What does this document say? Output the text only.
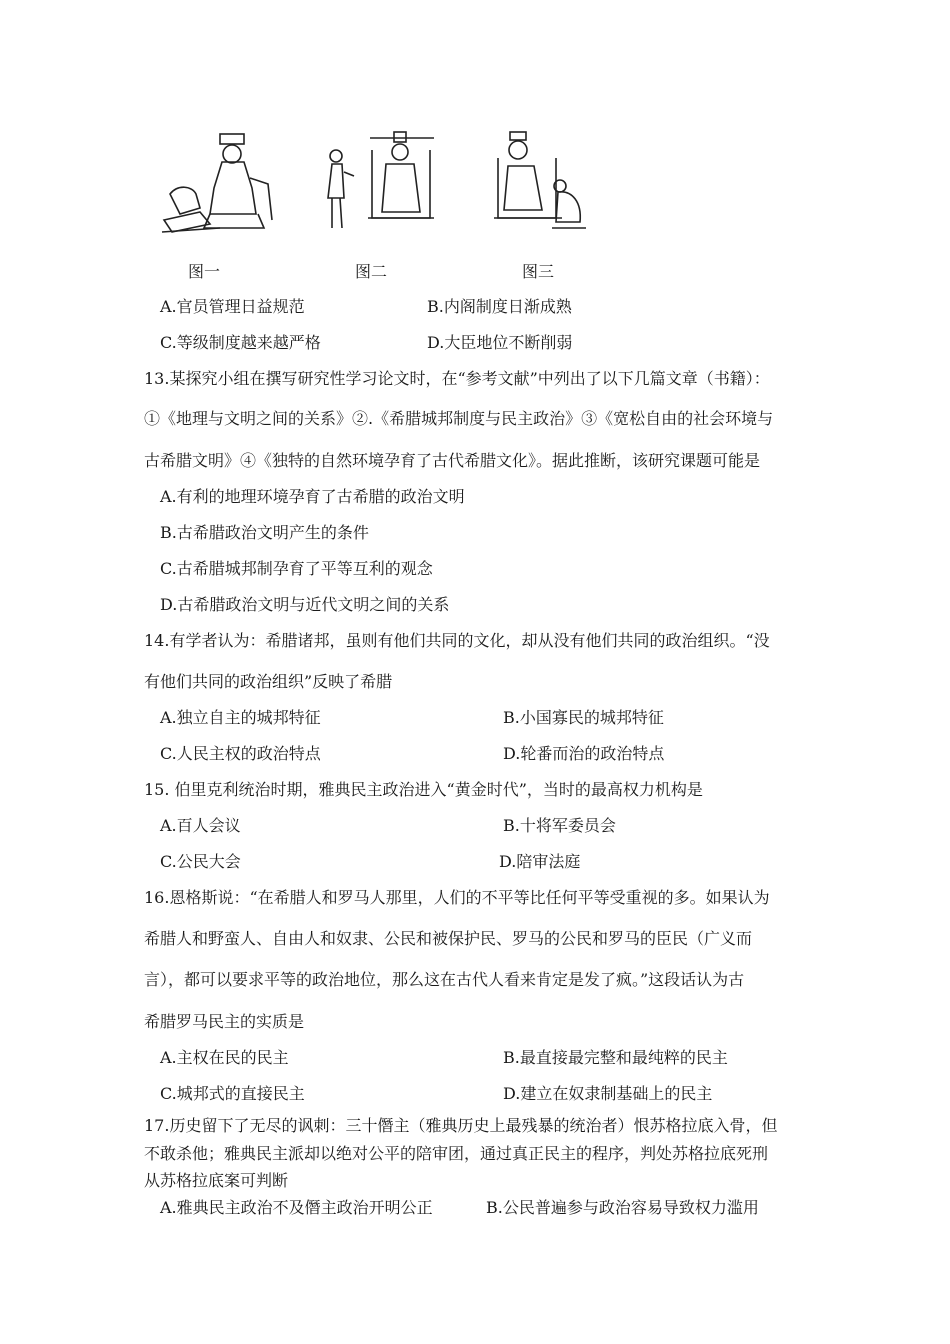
图一	图二	图三
A.官员管理日益规范	B.内阁制度日渐成熟
C.等级制度越来越严格	D.大臣地位不断削弱
13.某探究小组在撰写研究性学习论文时，在“参考文献”中列出了以下几篇文章（书籍）：
①《地理与文明之间的关系》②.《希腊城邦制度与民主政治》③《宽松自由的社会环境与
古希腊文明》④《独特的自然环境孕育了古代希腊文化》。据此推断，该研究课题可能是
A.有利的地理环境孕育了古希腊的政治文明
B.古希腊政治文明产生的条件
C.古希腊城邦制孕育了平等互利的观念
D.古希腊政治文明与近代文明之间的关系
14.有学者认为：希腊诸邦，虽则有他们共同的文化，却从没有他们共同的政治组织。“没
有他们共同的政治组织”反映了希腊
A.独立自主的城邦特征	B.小国寡民的城邦特征
C.人民主权的政治特点	D.轮番而治的政治特点
15. 伯里克利统治时期，雅典民主政治进入“黄金时代”，当时的最高权力机构是
A.百人会议	B.十将军委员会
C.公民大会	D.陪审法庭
16.恩格斯说：“在希腊人和罗马人那里，人们的不平等比任何平等受重视的多。如果认为
希腊人和野蛮人、自由人和奴隶、公民和被保护民、罗马的公民和罗马的臣民（广义而
言），都可以要求平等的政治地位，那么这在古代人看来肯定是发了疯。”这段话认为古
希腊罗马民主的实质是
A.主权在民的民主	B.最直接最完整和最纯粹的民主
C.城邦式的直接民主	D.建立在奴隶制基础上的民主
17.历史留下了无尽的讽刺：三十僭主（雅典历史上最残暴的统治者）恨苏格拉底入骨，但
不敢杀他；雅典民主派却以绝对公平的陪审团，通过真正民主的程序，判处苏格拉底死刑
从苏格拉底案可判断
A.雅典民主政治不及僭主政治开明公正	B.公民普遍参与政治容易导致权力滥用
